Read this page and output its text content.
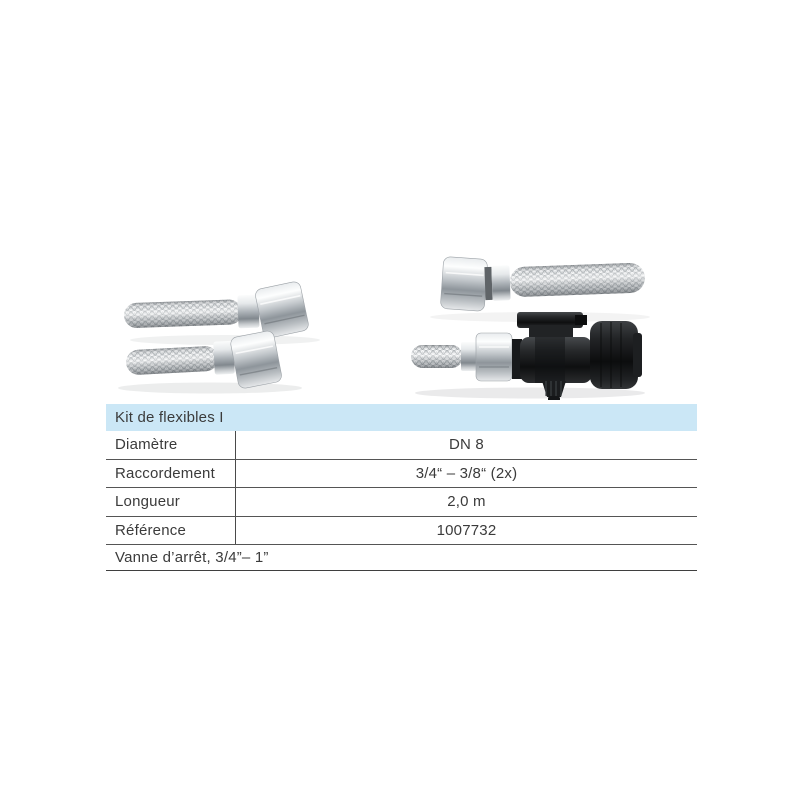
Kit de flexibles I
Diamètre	DN 8
Raccordement	3/4“ – 3/8“ (2x)
Longueur	2,0 m
Référence	1007732
Vanne d’arrêt, 3/4”– 1”
